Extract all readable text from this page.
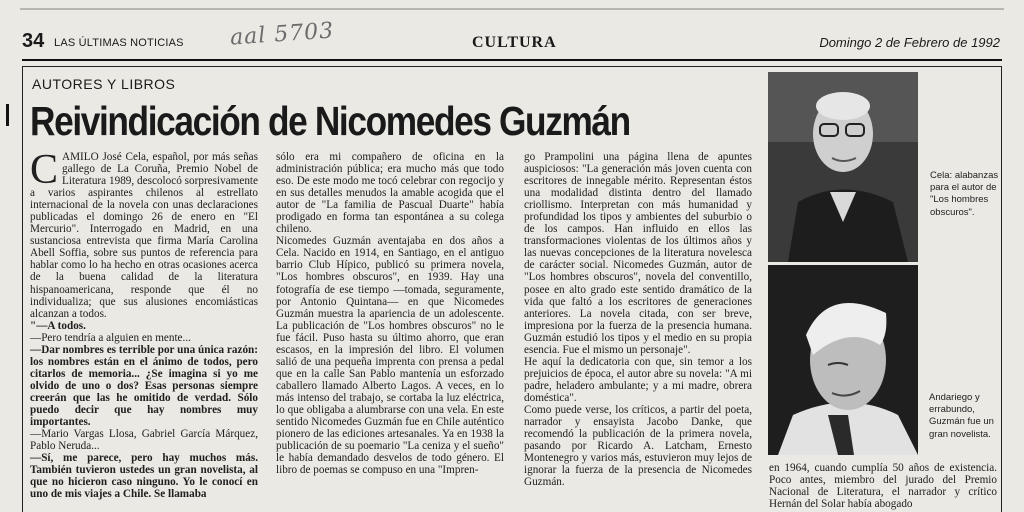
34 LAS ÚLTIMAS NOTICIAS aal 5703	CULTURA	Domingo 2 de Febrero de 1992
AUTORES Y LIBROS
Reivindicación de Nicomedes Guzmán
C AMILO José Cela, español, por más señas gallego de La Coruña, Premio Nobel de Literatura 1989, descolocó sorpresivamente a varios aspirantes chilenos al estrellato internacional de la novela con unas declaraciones publicadas el domingo 26 de enero en "El Mercurio". Interrogado en Madrid, en una sustanciosa entrevista que firma María Carolina Abell Soffia, sobre sus puntos de referencia para hablar como lo ha hecho en otras ocasiones acerca de la buena calidad de la literatura hispanoamericana, responde que él no individualiza; que sus alusiones encomiásticas alcanzan a todos.

"—A todos.

—Pero tendría a alguien en mente...

—Dar nombres es terrible por una única razón: los nombres están en el ánimo de todos, pero citarlos de memoria... ¿Se imagina si yo me olvido de uno o dos? Esas personas siempre creerán que las he omitido de verdad. Sólo puedo decir que hay nombres muy importantes.

—Mario Vargas Llosa, Gabriel García Márquez, Pablo Neruda...

—Sí, me parece, pero hay muchos más. También tuvieron ustedes un gran novelista, al que no hicieron caso ninguno. Yo le conocí en uno de mis viajes a Chile. Se llamaba

sólo era mi compañero de oficina en la administración pública; era mucho más que todo eso. De este modo me tocó celebrar con regocijo y en sus detalles menudos la amable acogida que el autor de "La familia de Pascual Duarte" había prodigado en forma tan espontánea a su colega chileno.

Nicomedes Guzmán aventajaba en dos años a Cela. Nacido en 1914, en Santiago, en el antiguo barrio Club Hípico, publicó su primera novela, "Los hombres obscuros", en 1939. Hay una fotografía de ese tiempo —tomada, seguramente, por Antonio Quintana— en que Nicomedes Guzmán muestra la apariencia de un adolescente. La publicación de "Los hombres obscuros" no le fue fácil. Puso hasta su último ahorro, que eran escasos, en la impresión del libro. El volumen salió de una pequeña imprenta con prensa a pedal que en la calle San Pablo mantenía un esforzado caballero llamado Alberto Lagos. A veces, en lo más intenso del trabajo, se cortaba la luz eléctrica, lo que obligaba a alumbrarse con una vela. En este sentido Nicomedes Guzmán fue en Chile auténtico pionero de las ediciones artesanales. Ya en 1938 la publicación de su poemario "La ceniza y el sueño" le había demandado desvelos de todo género. El libro de poemas se compuso en una "Impren-

go Prampolini una página llena de apuntes auspiciosos: "La generación más joven cuenta con escritores de innegable mérito. Representan éstos una modalidad distinta dentro del llamado criollismo. Interpretan con más humanidad y profundidad los tipos y ambientes del suburbio o de los campos. Han influido en ellos las transformaciones violentas de los últimos años y las nuevas concepciones de la literatura novelesca de carácter social. Nicomedes Guzmán, autor de "Los hombres obscuros", novela del conventillo, posee en alto grado este sentido dramático de la vida que faltó a los escritores de generaciones anteriores. La novela citada, con ser breve, impresiona por la fuerza de la presencia humana. Guzmán estudió los tipos y el medio en su propia esencia. Fue el mismo un personaje".

He aquí la dedicatoria con que, sin temor a los prejuicios de época, el autor abre su novela: "A mi padre, heladero ambulante; y a mi madre, obrera doméstica".

Como puede verse, los críticos, a partir del poeta, narrador y ensayista Jacobo Danke, que recomendó la publicación de la primera novela, pasando por Ricardo A. Latcham, Ernesto Montenegro y varios más, estuvieron muy lejos de ignorar la fuerza de la presencia de Nicomedes Guzmán.

Cela: alabanzas para el autor de "Los hombres obscuros".
Andariego y errabundo, Guzmán fue un gran novelista.

en 1964, cuando cumplía 50 años de existencia. Poco antes, miembro del jurado del Premio Nacional de Literatura, el narrador y crítico Hernán del Solar había abogado
